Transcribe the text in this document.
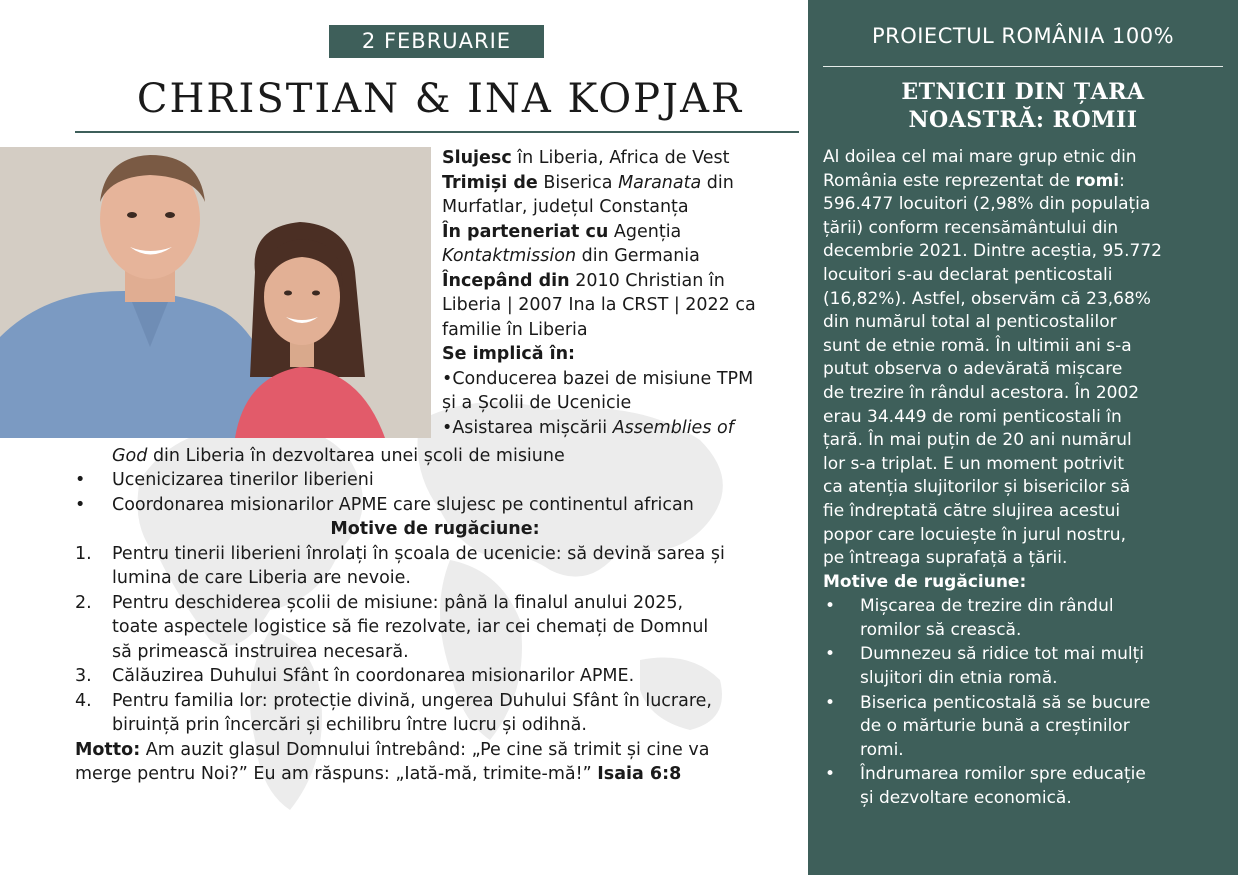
2 FEBRUARIE
CHRISTIAN & INA KOPJAR

Slujesc în Liberia, Africa de Vest

Trimiși de Biserica Maranata din

Murfatlar, județul Constanța

În parteneriat cu Agenția

Kontaktmission din Germania

Începând din 2010 Christian în

Liberia | 2007 Ina la CRST | 2022 ca

familie în Liberia

Se implică în:

•Conducerea bazei de misiune TPM

și a Școlii de Ucenicie

•Asistarea mișcării Assemblies of

God din Liberia în dezvoltarea unei școli de misiune

•	Ucenicizarea tinerilor liberieni
•	Coordonarea misionarilor APME care slujesc pe continentul african

Motive de rugăciune:

1.	Pentru tinerii liberieni înrolați în școala de ucenicie: să devină sarea și
lumina de care Liberia are nevoie.
2.	Pentru deschiderea școlii de misiune: până la finalul anului 2025,
toate aspectele logistice să fie rezolvate, iar cei chemați de Domnul
să primească instruirea necesară.
3.	Călăuzirea Duhului Sfânt în coordonarea misionarilor APME.
4.	Pentru familia lor: protecție divină, ungerea Duhului Sfânt în lucrare,
biruință prin încercări și echilibru între lucru și odihnă.

Motto: Am auzit glasul Domnului întrebând: „Pe cine să trimit și cine va
merge pentru Noi?” Eu am răspuns: „Iată-mă, trimite-mă!” Isaia 6:8

PROIECTUL ROMÂNIA 100%
ETNICII DIN ȚARA
NOASTRĂ: ROMII

Al doilea cel mai mare grup etnic din

România este reprezentat de romi:

596.477 locuitori (2,98% din populația

țării) conform recensământului din

decembrie 2021. Dintre aceștia, 95.772

locuitori s-au declarat penticostali

(16,82%). Astfel, observăm că 23,68%

din numărul total al penticostalilor

sunt de etnie romă. În ultimii ani s-a

putut observa o adevărată mișcare

de trezire în rândul acestora. În 2002

erau 34.449 de romi penticostali în

țară. În mai puțin de 20 ani numărul

lor s-a triplat. E un moment potrivit

ca atenția slujitorilor și bisericilor să

fie îndreptată către slujirea acestui

popor care locuiește în jurul nostru,

pe întreaga suprafață a țării.

Motive de rugăciune:

•	Mișcarea de trezire din rândul
romilor să crească.
•	Dumnezeu să ridice tot mai mulți
slujitori din etnia romă.
•	Biserica penticostală să se bucure
de o mărturie bună a creștinilor
romi.
•	Îndrumarea romilor spre educație
și dezvoltare economică.
